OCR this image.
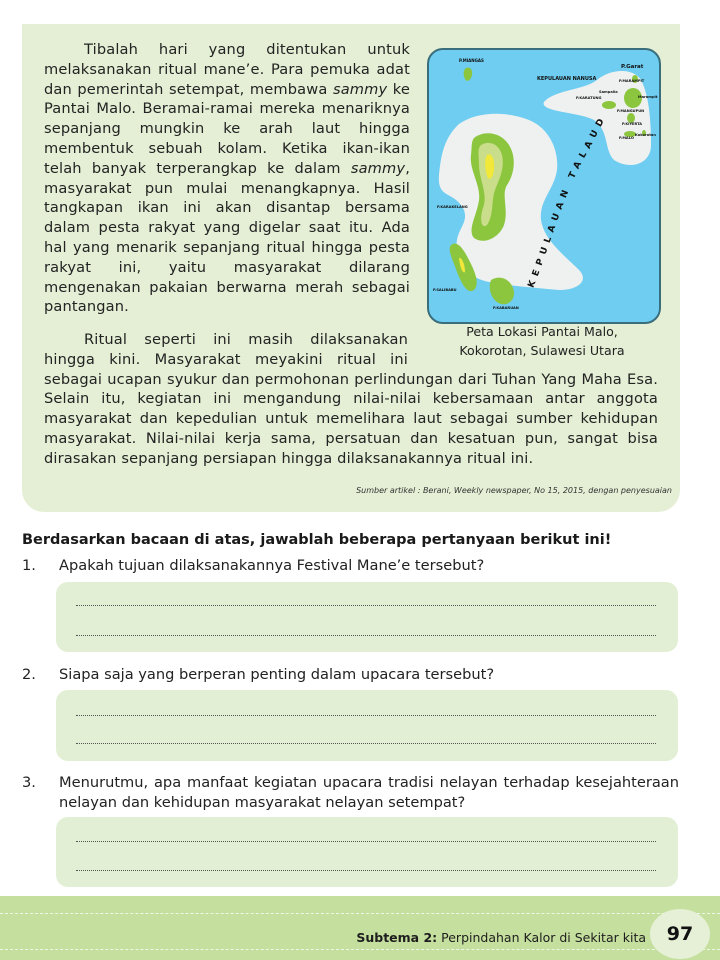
Tibalah hari yang ditentukan untuk melaksanakan ritual mane’e. Para pemuka adat dan pemerintah setempat, membawa sammy ke Pantai Malo. Beramai-ramai mereka menariknya sepanjang mungkin ke arah laut hingga membentuk sebuah kolam. Ketika ikan-ikan telah banyak terperangkap ke dalam sammy, masyarakat pun mulai menangkapnya. Hasil tangkapan ikan ini akan disantap bersama dalam pesta rakyat yang digelar saat itu. Ada hal yang menarik sepanjang ritual hingga pesta rakyat ini, yaitu masyarakat dilarang mengenakan pakaian berwarna merah sebagai pantangan.
P.MIANGAS
P.Garat
KEPULAUAN NANUSA	P.MARAMPIT
Sampalia
P.KARATUNG	Marampit
P.MANGUPUN
P.KIYERTA
P.MALO
Kokorotan
P.KARAKELANG
P.SALIBABU
P.KABARUAN
KEPULAUAN TALAUD
Peta Lokasi Pantai Malo,
Kokorotan, Sulawesi Utara
Ritual seperti ini masih dilaksanakan hingga kini. Masyarakat meyakini ritual ini sebagai ucapan syukur dan permohonan perlindungan dari Tuhan Yang Maha Esa. Selain itu, kegiatan ini mengandung nilai-nilai kebersamaan antar anggota masyarakat dan kepedulian untuk memelihara laut sebagai sumber kehidupan masyarakat. Nilai-nilai kerja sama, persatuan dan kesatuan pun, sangat bisa dirasakan sepanjang persiapan hingga dilaksanakannya ritual ini.
Sumber artikel : Berani, Weekly newspaper, No 15, 2015, dengan penyesuaian
Berdasarkan bacaan di atas, jawablah beberapa pertanyaan berikut ini!
1. Apakah tujuan dilaksanakannya Festival Mane’e tersebut?
2. Siapa saja yang berperan penting dalam upacara tersebut?
3. Menurutmu, apa manfaat kegiatan upacara tradisi nelayan terhadap kesejahteraan nelayan dan kehidupan masyarakat nelayan setempat?
Subtema 2: Perpindahan Kalor di Sekitar kita	97
